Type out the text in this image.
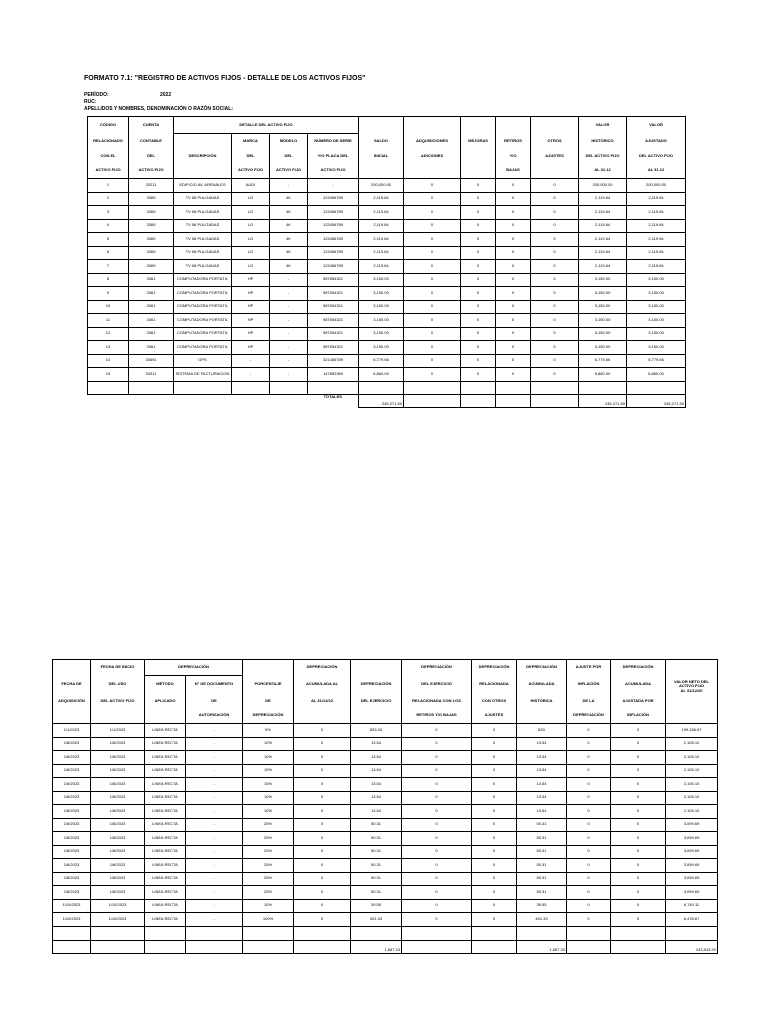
FORMATO 7.1: "REGISTRO DE ACTIVOS FIJOS - DETALLE DE LOS ACTIVOS FIJOS"
PERÍODO:	2022
RUC:
APELLIDOS Y NOMBRES, DENOMINACIÓN O RAZÓN SOCIAL:
CÓDIGO	CUENTA	DETALLE DEL ACTIVO FIJO									VALOR	VALOR
RELACIONADO	CONTABLE		MARCA	MODELO	NÚMERO DE SERIE	SALDO	ADQUISICIONES	MEJORAS	RETIROS	OTROS	HISTÓRICO	AJUSTADO
CON EL	DEL	DESCRIPCIÓN	DEL	DEL	Y/O PLACA DEL	INICIAL	ADICIONES		Y/O	AJUSTES	DEL ACTIVO FIJO	DEL ACTIVO FIJO
ACTIVO FIJO	ACTIVO FIJO		ACTIVO FIJO	ACTIVO FIJO	ACTIVO FIJO				BAJAS		AL 31.12	AL 31.12
1	33211	EDIFICIO AV. ARENALES	AUDI	-	-	200,000.00	0	0	0	0	200,000.00	200,000.00
2	3369	TV 58 PULGADAS	LG	4K	123456789	2,119.64	0	0	0	0	2,119.64	2,119.64
3	3369	TV 58 PULGADAS	LG	4K	123456789	2,119.64	0	0	0	0	2,119.64	2,119.64
4	3369	TV 58 PULGADAS	LG	4K	123456789	2,119.64	0	0	0	0	2,119.64	2,119.64
5	3369	TV 58 PULGADAS	LG	4K	123456789	2,119.64	0	0	0	0	2,119.64	2,119.64
6	3369	TV 58 PULGADAS	LG	4K	123456789	2,119.64	0	0	0	0	2,119.64	2,119.64
7	3369	TV 58 PULGADAS	LG	4K	123456789	2,119.64	0	0	0	0	2,119.64	2,119.64
8	3361	COMPUTADORA PORTATIL	HP	-	987654321	3,150.00	0	0	0	0	3,150.00	3,150.00
9	3361	COMPUTADORA PORTATIL	HP	-	987654321	3,150.00	0	0	0	0	3,150.00	3,150.00
10	3361	COMPUTADORA PORTATIL	HP	-	987654321	3,150.00	0	0	0	0	3,150.00	3,150.00
11	3361	COMPUTADORA PORTATIL	HP	-	987654321	3,150.00	0	0	0	0	3,150.00	3,150.00
12	3361	COMPUTADORA PORTATIL	HP	-	987654321	3,150.00	0	0	0	0	3,150.00	3,150.00
13	3361	COMPUTADORA PORTATIL	HP	-	987654321	3,150.00	0	0	0	0	3,150.00	3,150.00
14	33691	GPS	-	-	321456789	6,779.66	0	0	0	0	6,779.66	6,779.66
15	34311	SISTEMA DE FACTURACION	-	-	147852369	6,860.00	0	0	0	0	6,860.00	6,860.00

					TOTALES	245,271.50					245,271.50	245,271.50
	FECHA DE INICIO	DEPRECIACIÓN			DEPRECIACIÓN		DEPRECIACIÓN	DEPRECIACIÓN	DEPRECIACIÓN	AJUSTE POR	DEPRECIACIÓN	
FECHA DE	DEL USO	MÉTODO	N° DE DOCUMENTO	PORCENTAJE	ACUMULADA AL	DEPRECIACIÓN	DEL EJERCICIO	RELACIONADA	ACUMULADA	INFLACIÓN	ACUMULADA	VALOR NETO DEL
ACTIVO FIJO
AL 31/12/20
ADQUISICIÓN	DEL ACTIVO FIJO	APLICADO	DE	DE	AL 31/12/22	DEL EJERCICIO	RELACIONADA CON LOS	CON OTROS	HISTÓRICA	DE LA	AJUSTADA POR	
			AUTORIZACIÓN	DEPRECIACIÓN			RETIROS Y/O BAJAS	AJUSTES		DEPRECIACIÓN	INFLACIÓN	
1/1/2023	1/1/2023	LINEA RECTA	-	5%	0	833.33	0	0	833	0	0	199,166.67
1/8/2023	1/8/2023	LINEA RECTA	-	10%	0	13.54	0	0	13.54	0	0	2,105.10
1/8/2023	1/8/2023	LINEA RECTA	-	10%	0	13.54	0	0	13.54	0	0	2,105.10
1/8/2023	1/8/2023	LINEA RECTA	-	10%	0	13.54	0	0	13.54	0	0	2,105.10
1/8/2023	1/8/2023	LINEA RECTA	-	10%	0	13.54	0	0	13.54	0	0	2,105.10
1/8/2023	1/8/2023	LINEA RECTA	-	10%	0	13.54	0	0	13.54	0	0	2,105.10
1/8/2023	1/8/2023	LINEA RECTA	-	10%	0	13.54	0	0	13.54	0	0	2,105.10
1/8/2023	1/8/2023	LINEA RECTA	-	25%	0	50.31	0	0	50.31	0	0	3,099.69
1/8/2023	1/8/2023	LINEA RECTA	-	25%	0	50.31	0	0	50.31	0	0	3,099.69
1/8/2023	1/8/2023	LINEA RECTA	-	25%	0	50.31	0	0	50.31	0	0	3,099.69
1/8/2023	1/8/2023	LINEA RECTA	-	25%	0	50.31	0	0	50.31	0	0	3,099.69
1/8/2023	1/8/2023	LINEA RECTA	-	25%	0	50.31	0	0	50.31	0	0	3,099.69
1/8/2023	1/8/2023	LINEA RECTA	-	25%	0	50.31	0	0	50.31	0	0	3,099.69
1/10/2023	1/10/2023	LINEA RECTA	-	10%	0	39.55	0	0	39.55	0	0	6,740.11
1/10/2023	1/10/2023	LINEA RECTA	-	100%	0	401.33	0	0	401.33	0	0	6,478.67

						1,687.33			1,687.33			243,915.20
